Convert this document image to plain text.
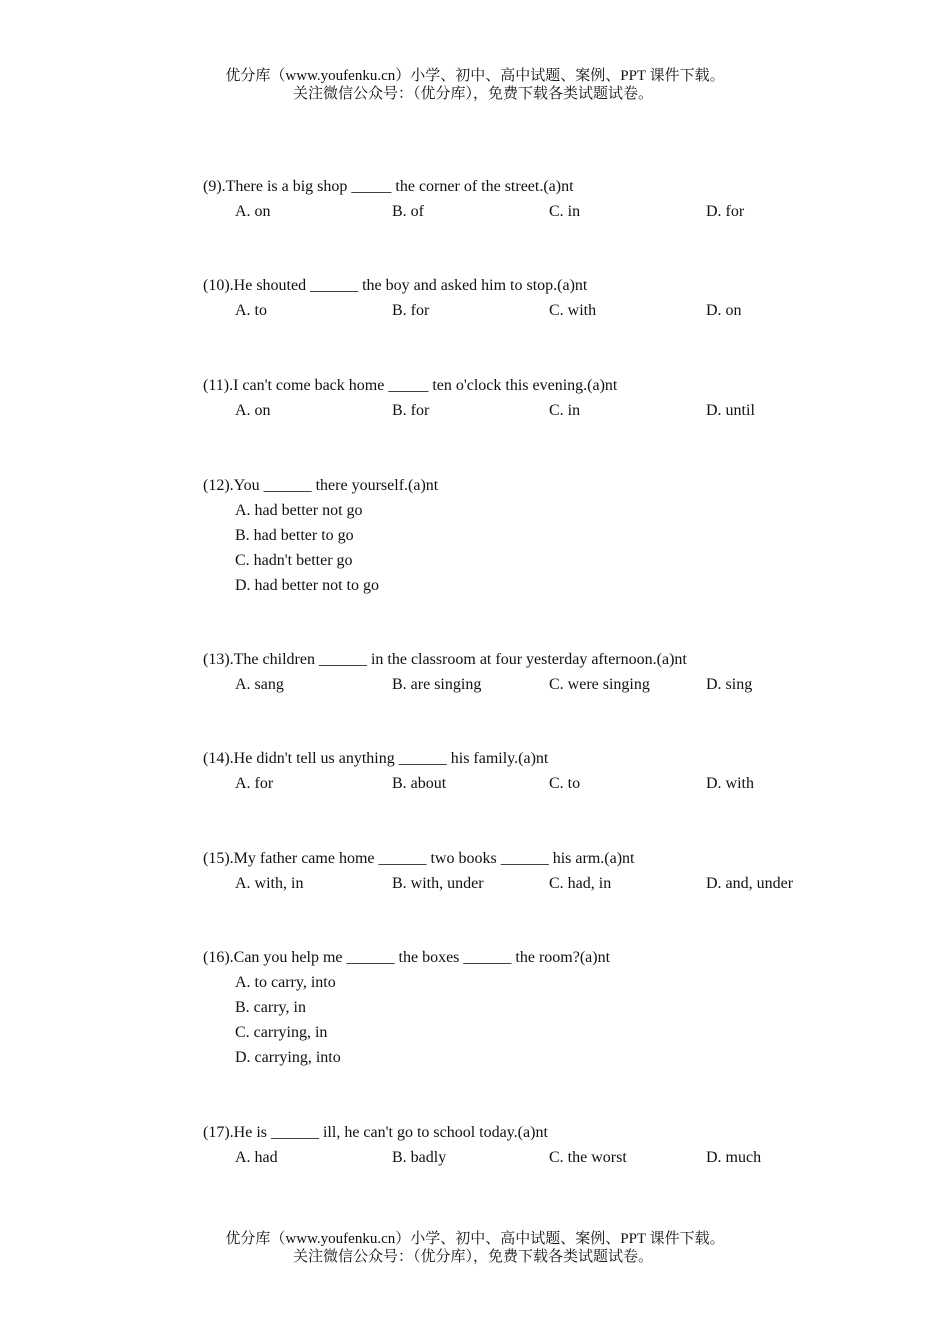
优分库（www.youfenku.cn）小学、初中、高中试题、案例、PPT 课件下载。
关注微信公众号：（优分库），免费下载各类试题试卷。
(9).There is a big shop _____ the corner of the street.(a)nt
A. on	B. of	C. in	D. for
(10).He shouted ______ the boy and asked him to stop.(a)nt
A. to	B. for	C. with	D. on
(11).I can't come back home _____ ten o'clock this evening.(a)nt
A. on	B. for	C. in	D. until
(12).You ______ there yourself.(a)nt
A. had better not go
B. had better to go
C. hadn't better go
D. had better not to go
(13).The children ______ in the classroom at four yesterday afternoon.(a)nt
A. sang	B. are singing	C. were singing	D. sing
(14).He didn't tell us anything ______ his family.(a)nt
A. for	B. about	C. to	D. with
(15).My father came home ______ two books ______ his arm.(a)nt
A. with, in	B. with, under	C. had, in	D. and, under
(16).Can you help me ______ the boxes ______ the room?(a)nt
A. to carry, into
B. carry, in
C. carrying, in
D. carrying, into
(17).He is ______ ill, he can't go to school today.(a)nt
A. had	B. badly	C. the worst	D. much
优分库（www.youfenku.cn）小学、初中、高中试题、案例、PPT 课件下载。
关注微信公众号：（优分库），免费下载各类试题试卷。
